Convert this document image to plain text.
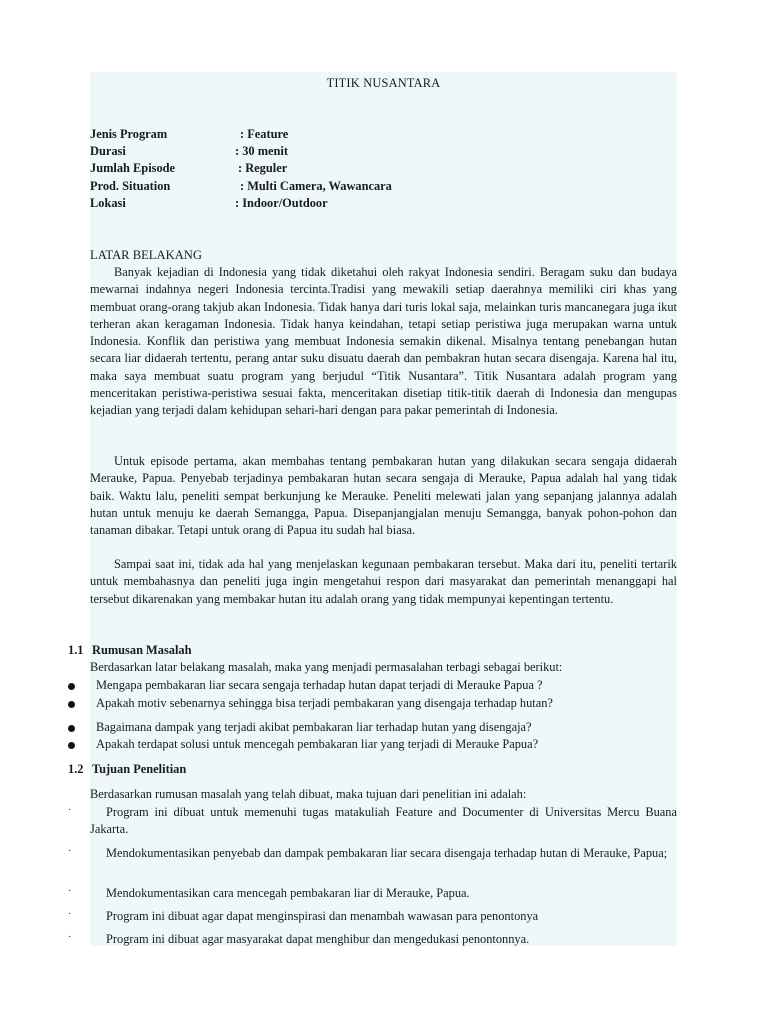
TITIK NUSANTARA
Jenis Program	: Feature
Durasi	: 30 menit
Jumlah Episode	: Reguler
Prod. Situation	: Multi Camera, Wawancara
Lokasi	: Indoor/Outdoor
LATAR BELAKANG

Banyak kejadian di Indonesia yang tidak diketahui oleh rakyat Indonesia sendiri. Beragam suku dan budaya mewarnai indahnya negeri Indonesia tercinta.Tradisi yang mewakili setiap daerahnya memiliki ciri khas yang membuat orang-orang takjub akan Indonesia. Tidak hanya dari turis lokal saja, melainkan turis mancanegara juga ikut terheran akan keragaman Indonesia. Tidak hanya keindahan, tetapi setiap peristiwa juga merupakan warna untuk Indonesia. Konflik dan peristiwa yang membuat Indonesia semakin dikenal. Misalnya tentang penebangan hutan secara liar didaerah tertentu, perang antar suku disuatu daerah dan pembakran hutan secara disengaja. Karena hal itu, maka saya membuat suatu program yang berjudul “Titik Nusantara”. Titik Nusantara adalah program yang menceritakan peristiwa-peristiwa sesuai fakta, menceritakan disetiap titik-titik daerah di Indonesia dan mengupas kejadian yang terjadi dalam kehidupan sehari-hari dengan para pakar pemerintah di Indonesia.

Untuk episode pertama, akan membahas tentang pembakaran hutan yang dilakukan secara sengaja didaerah Merauke, Papua. Penyebab terjadinya pembakaran hutan secara sengaja di Merauke, Papua adalah hal yang tidak baik. Waktu lalu, peneliti sempat berkunjung ke Merauke. Peneliti melewati jalan yang sepanjang jalannya adalah hutan untuk menuju ke daerah Semangga, Papua. Disepanjangjalan menuju Semangga, banyak pohon-pohon dan tanaman dibakar. Tetapi untuk orang di Papua itu sudah hal biasa.

Sampai saat ini, tidak ada hal yang menjelaskan kegunaan pembakaran tersebut. Maka dari itu, peneliti tertarik untuk membahasnya dan peneliti juga ingin mengetahui respon dari masyarakat dan pemerintah menanggapi hal tersebut dikarenakan yang membakar hutan itu adalah orang yang tidak mempunyai kepentingan tertentu.

1.1 Rumusan Masalah

Berdasarkan latar belakang masalah, maka yang menjadi permasalahan terbagi sebagai berikut:

Mengapa pembakaran liar secara sengaja terhadap hutan dapat terjadi di Merauke Papua ?
Apakah motiv sebenarnya sehingga bisa terjadi pembakaran yang disengaja terhadap hutan?
Bagaimana dampak yang terjadi akibat pembakaran liar terhadap hutan yang disengaja?
Apakah terdapat solusi untuk mencegah pembakaran liar yang terjadi di Merauke Papua?
1.2 Tujuan Penelitian

Berdasarkan rumusan masalah yang telah dibuat, maka tujuan dari penelitian ini adalah:

·	Program ini dibuat untuk memenuhi tugas matakuliah Feature and Documenter di Universitas Mercu Buana Jakarta.

·	Mendokumentasikan penyebab dan dampak pembakaran liar secara disengaja terhadap hutan di Merauke, Papua;

·	Mendokumentasikan cara mencegah pembakaran liar di Merauke, Papua.

·	Program ini dibuat agar dapat menginspirasi dan menambah wawasan para penontonya

·	Program ini dibuat agar masyarakat dapat menghibur dan mengedukasi penontonnya.
